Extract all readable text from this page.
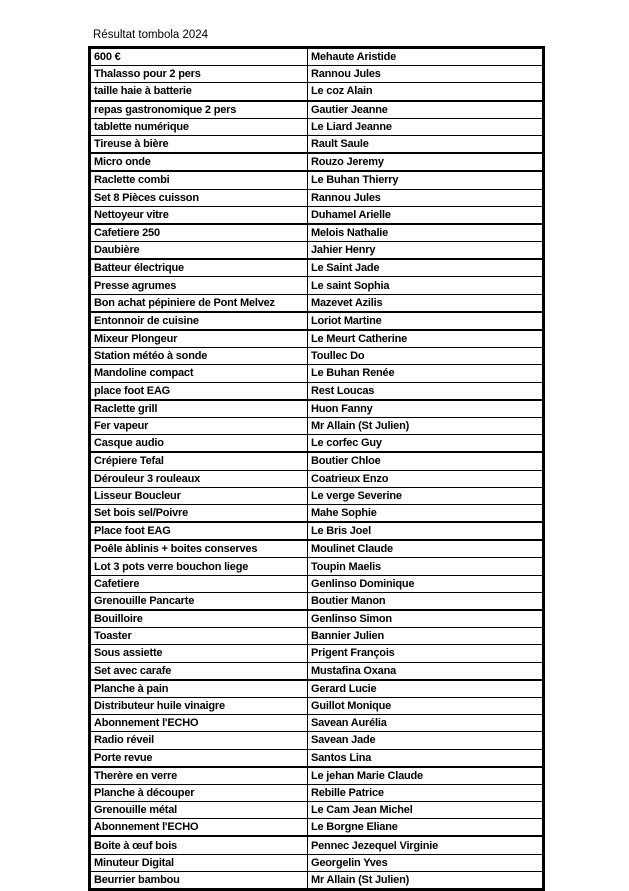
Résultat tombola 2024
600 €	Mehaute Aristide
Thalasso pour 2 pers	Rannou Jules
taille haie à batterie	Le coz Alain
repas gastronomique 2 pers	Gautier Jeanne
tablette numérique	Le Liard Jeanne
Tireuse à bière	Rault Saule
Micro onde	Rouzo Jeremy
Raclette combi	Le Buhan Thierry
Set 8 Pièces cuisson	Rannou Jules
Nettoyeur vitre	Duhamel Arielle
Cafetiere 250	Melois Nathalie
Daubière	Jahier Henry
Batteur électrique	Le Saint Jade
Presse agrumes	Le saint Sophia
Bon achat pépiniere de Pont Melvez	Mazevet Azilis
Entonnoir de cuisine	Loriot Martine
Mixeur Plongeur	Le Meurt Catherine
Station météo à sonde	Toullec Do
Mandoline compact	Le Buhan Renée
place foot EAG	Rest Loucas
Raclette grill	Huon Fanny
Fer vapeur	Mr Allain (St Julien)
Casque audio	Le corfec Guy
Crépiere Tefal	Boutier Chloe
Dérouleur 3 rouleaux	Coatrieux Enzo
Lisseur Boucleur	Le verge Severine
Set bois sel/Poivre	Mahe Sophie
Place foot EAG	Le Bris Joel
Poêle àblinis + boites conserves	Moulinet Claude
Lot 3 pots verre bouchon liege	Toupin Maelis
Cafetiere	Genlinso Dominique
Grenouille Pancarte	Boutier Manon
Bouilloire	Genlinso Simon
Toaster	Bannier Julien
Sous assiette	Prigent François
Set avec carafe	Mustafina Oxana
Planche à pain	Gerard Lucie
Distributeur huile vinaigre	Guillot Monique
Abonnement l'ECHO	Savean Aurélia
Radio réveil	Savean Jade
Porte revue	Santos Lina
Therère en verre	Le jehan Marie Claude
Planche à découper	Rebille Patrice
Grenouille métal	Le Cam Jean Michel
Abonnement l'ECHO	Le Borgne Eliane
Boite à œuf bois	Pennec Jezequel Virginie
Minuteur Digital	Georgelin Yves
Beurrier bambou	Mr Allain (St Julien)
